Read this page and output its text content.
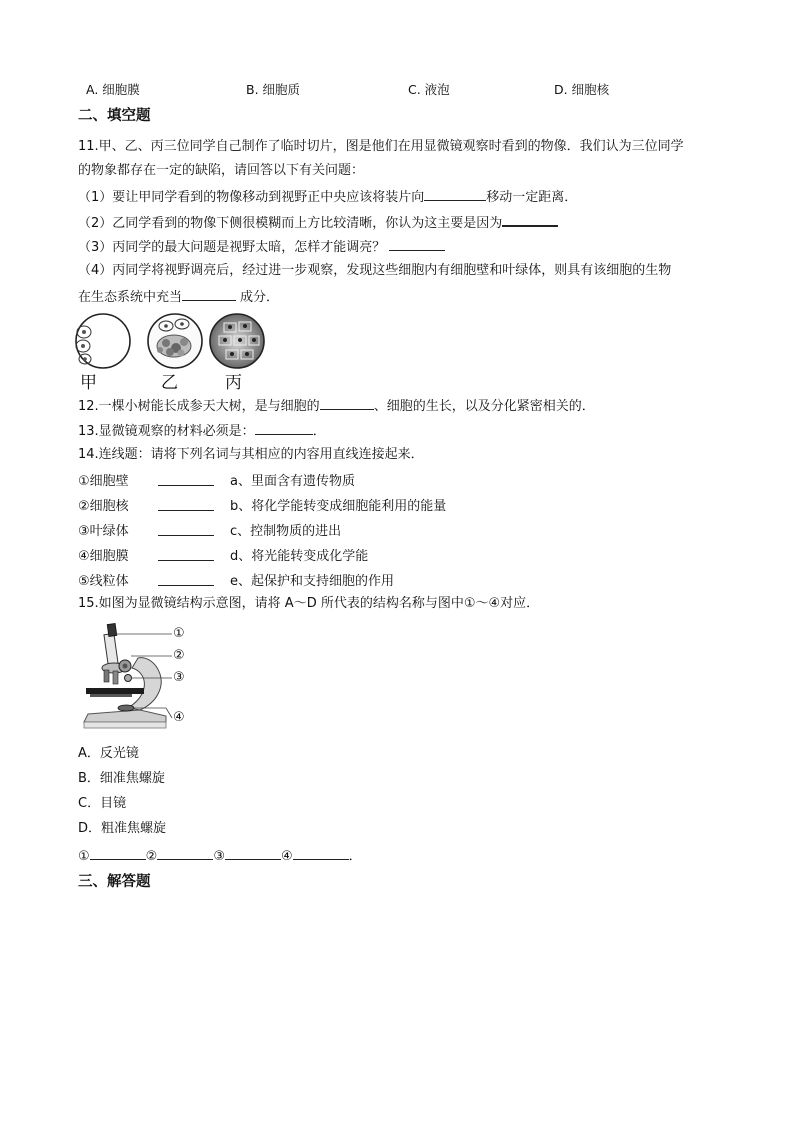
A. 细胞膜	B. 细胞质	C. 液泡	D. 细胞核
二、填空题
11.甲、乙、丙三位同学自己制作了临时切片，图是他们在用显微镜观察时看到的物像．我们认为三位同学
的物象都存在一定的缺陷，请回答以下有关问题：
（1）要让甲同学看到的物像移动到视野正中央应该将装片向	移动一定距离．
（2）乙同学看到的物像下侧很模糊而上方比较清晰，你认为这主要是因为
（3）丙同学的最大问题是视野太暗，怎样才能调亮？
（4）丙同学将视野调亮后，经过进一步观察，发现这些细胞内有细胞壁和叶绿体，则具有该细胞的生物
在生态系统中充当	成分．
甲	乙	丙
12.一棵小树能长成参天大树，是与细胞的	、细胞的生长，以及分化紧密相关的．
13.显微镜观察的材料必须是：	．
14.连线题：请将下列名词与其相应的内容用直线连接起来．
①细胞壁	a、里面含有遗传物质
②细胞核	b、将化学能转变成细胞能利用的能量
③叶绿体	c、控制物质的进出
④细胞膜	d、将光能转变成化学能
⑤线粒体	e、起保护和支持细胞的作用
15.如图为显微镜结构示意图，请将 A～D 所代表的结构名称与图中①～④对应．
①
②
③
④
A．反光镜
B．细准焦螺旋
C．目镜
D．粗准焦螺旋
①	②	③	④	．
三、解答题
